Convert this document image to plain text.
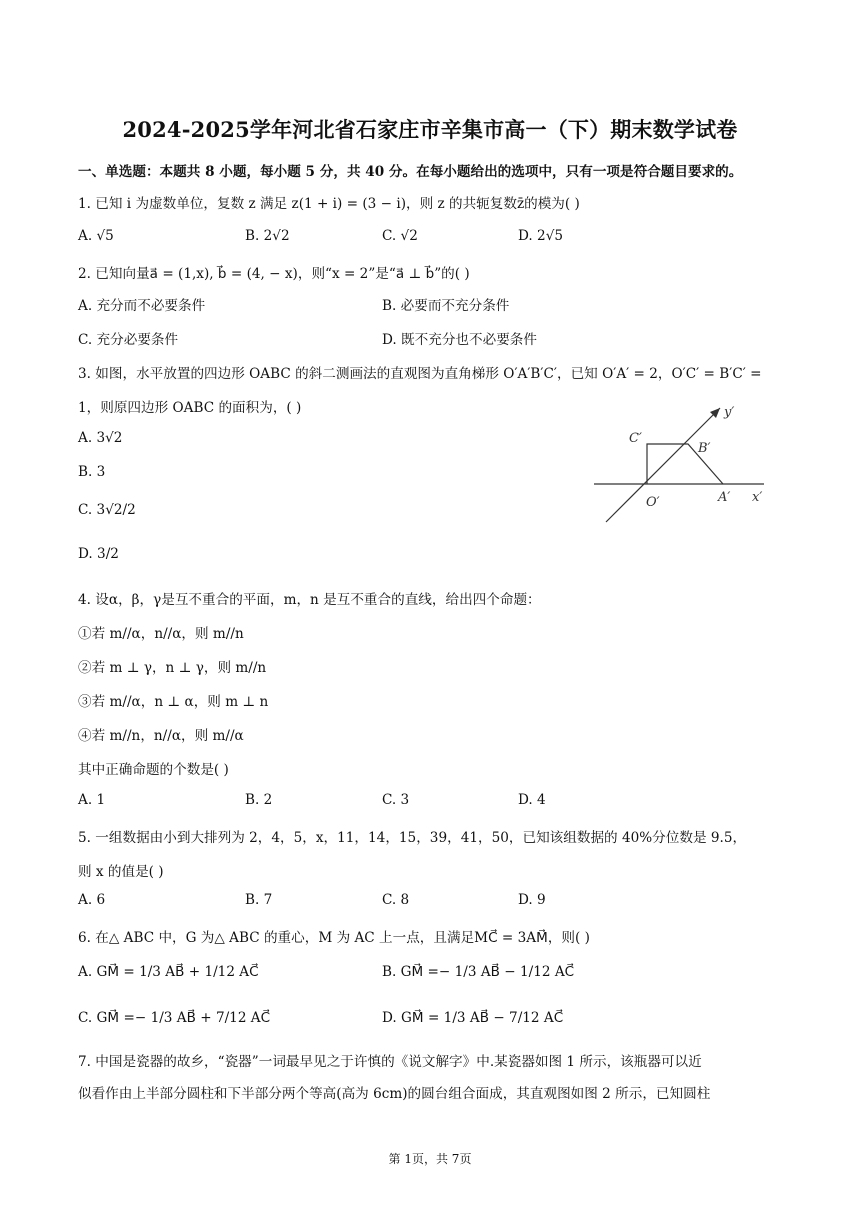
2024-2025学年河北省石家庄市辛集市高一（下）期末数学试卷
一、单选题：本题共 8 小题，每小题 5 分，共 40 分。在每小题给出的选项中，只有一项是符合题目要求的。
1. 已知 i 为虚数单位，复数 z 满足 z(1 + i) = (3 − i)，则 z 的共轭复数z̄的模为( )
A. √5	B. 2√2	C. √2	D. 2√5
2. 已知向量a⃗ = (1,x), b⃗ = (4, − x)，则“x = 2”是“a⃗ ⊥ b⃗”的( )
A. 充分而不必要条件	B. 必要而不充分条件
C. 充分必要条件	D. 既不充分也不必要条件
3. 如图，水平放置的四边形 OABC 的斜二测画法的直观图为直角梯形 O′A′B′C′，已知 O′A′ = 2，O′C′ = B′C′ =
1，则原四边形 OABC 的面积为，( )
A. 3√2
B. 3
C. 3√2/2
D. 3/2
C′
B′
O′	A′ x′
y′
4. 设α，β，γ是互不重合的平面，m，n 是互不重合的直线，给出四个命题：
①若 m//α，n//α，则 m//n
②若 m ⊥ γ，n ⊥ γ，则 m//n
③若 m//α，n ⊥ α，则 m ⊥ n
④若 m//n，n//α，则 m//α
其中正确命题的个数是( )
A. 1	B. 2	C. 3	D. 4
5. 一组数据由小到大排列为 2，4，5，x，11，14，15，39，41，50，已知该组数据的 40%分位数是 9.5，
则 x 的值是( )
A. 6	B. 7	C. 8	D. 9
6. 在△ ABC 中，G 为△ ABC 的重心，M 为 AC 上一点，且满足MC⃗ = 3AM⃗，则( )
A. GM⃗ = 1/3 AB⃗ + 1/12 AC⃗	B. GM⃗ =− 1/3 AB⃗ − 1/12 AC⃗
C. GM⃗ =− 1/3 AB⃗ + 7/12 AC⃗	D. GM⃗ = 1/3 AB⃗ − 7/12 AC⃗
7. 中国是瓷器的故乡，“瓷器”一词最早见之于许慎的《说文解字》中.某瓷器如图 1 所示，该瓶器可以近
似看作由上半部分圆柱和下半部分两个等高(高为 6cm)的圆台组合面成，其直观图如图 2 所示，已知圆柱
第 1页，共 7页
